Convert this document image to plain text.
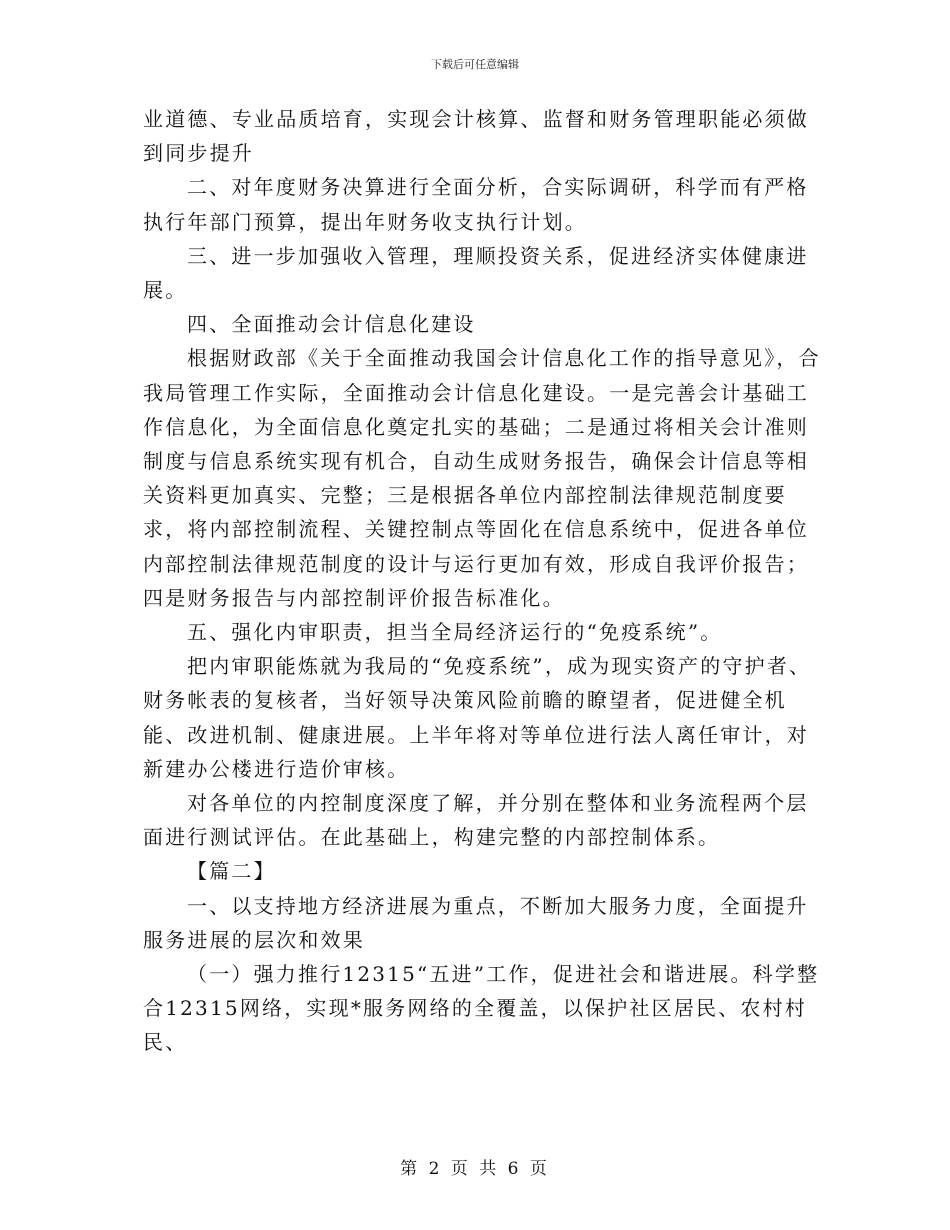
下载后可任意编辑

业道德、专业品质培育，实现会计核算、监督和财务管理职能必须做到同步提升

二、对年度财务决算进行全面分析，合实际调研，科学而有严格执行年部门预算，提出年财务收支执行计划。

三、进一步加强收入管理，理顺投资关系，促进经济实体健康进展。

四、全面推动会计信息化建设

根据财政部《关于全面推动我国会计信息化工作的指导意见》，合我局管理工作实际，全面推动会计信息化建设。一是完善会计基础工作信息化，为全面信息化奠定扎实的基础；二是通过将相关会计准则制度与信息系统实现有机合，自动生成财务报告，确保会计信息等相关资料更加真实、完整；三是根据各单位内部控制法律规范制度要求，将内部控制流程、关键控制点等固化在信息系统中，促进各单位内部控制法律规范制度的设计与运行更加有效，形成自我评价报告；四是财务报告与内部控制评价报告标准化。

五、强化内审职责，担当全局经济运行的“免疫系统”。

把内审职能炼就为我局的“免疫系统”，成为现实资产的守护者、财务帐表的复核者，当好领导决策风险前瞻的瞭望者，促进健全机能、改进机制、健康进展。上半年将对等单位进行法人离任审计，对新建办公楼进行造价审核。

对各单位的内控制度深度了解，并分别在整体和业务流程两个层面进行测试评估。在此基础上，构建完整的内部控制体系。

【篇二】

一、以支持地方经济进展为重点，不断加大服务力度，全面提升服务进展的层次和效果

（一）强力推行12315“五进”工作，促进社会和谐进展。科学整合12315网络，实现*服务网络的全覆盖，以保护社区居民、农村村民、

第 2 页 共 6 页
